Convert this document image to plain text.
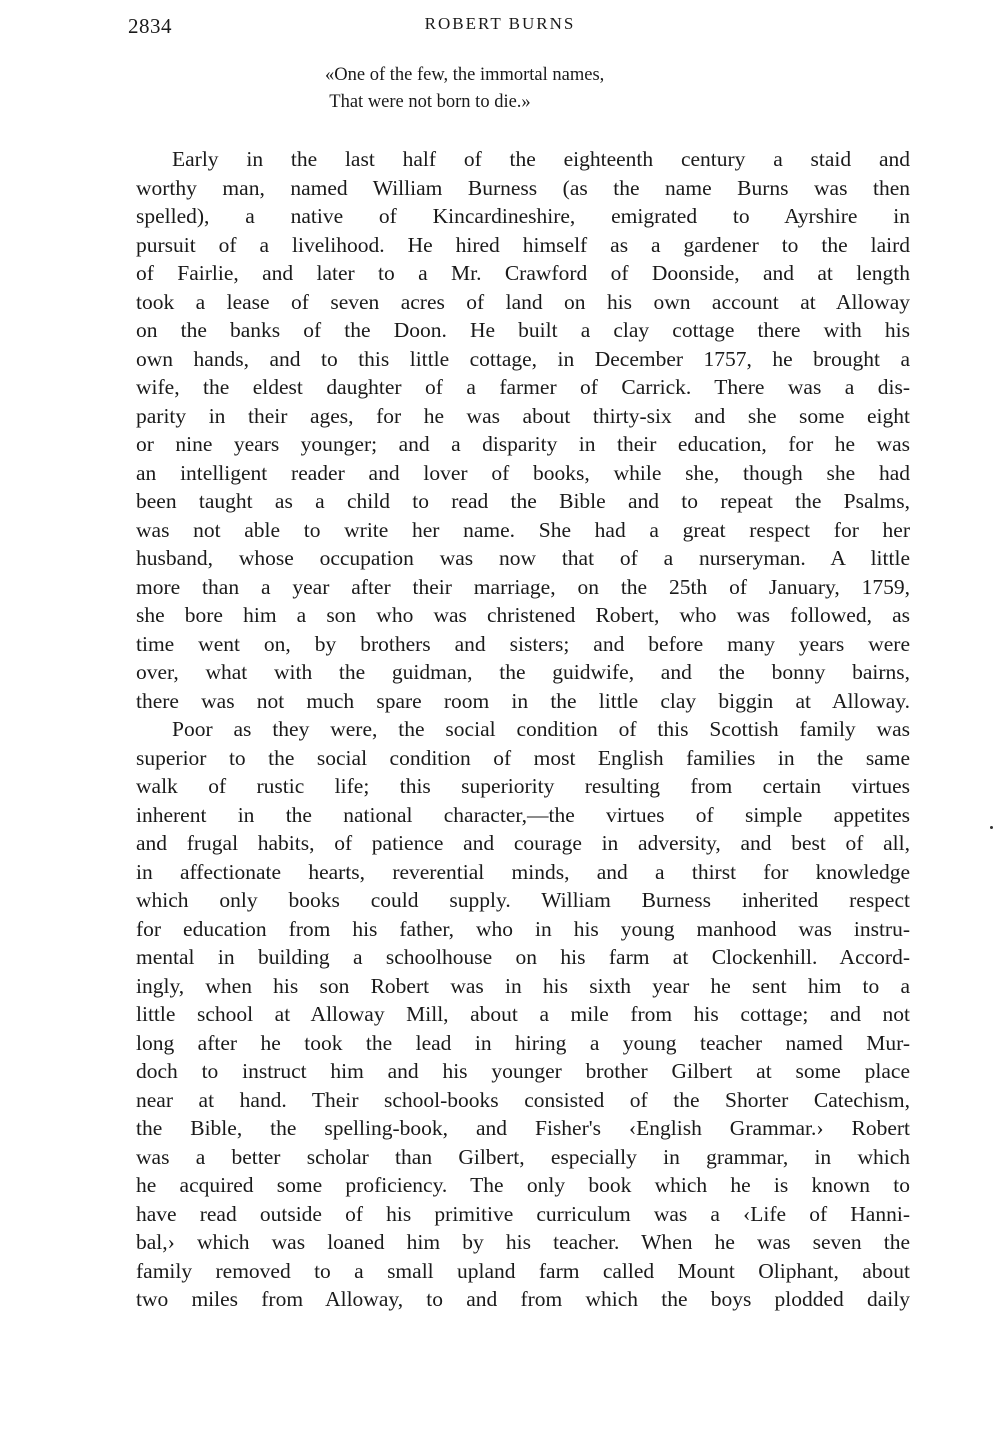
2834	ROBERT BURNS
«One of the few, the immortal names,
That were not born to die.»
Early in the last half of the eighteenth century a staid and
worthy man, named William Burness (as the name Burns was then
spelled), a native of Kincardineshire, emigrated to Ayrshire in
pursuit of a livelihood. He hired himself as a gardener to the laird
of Fairlie, and later to a Mr. Crawford of Doonside, and at length
took a lease of seven acres of land on his own account at Alloway
on the banks of the Doon. He built a clay cottage there with his
own hands, and to this little cottage, in December 1757, he brought a
wife, the eldest daughter of a farmer of Carrick. There was a dis-
parity in their ages, for he was about thirty-six and she some eight
or nine years younger; and a disparity in their education, for he was
an intelligent reader and lover of books, while she, though she had
been taught as a child to read the Bible and to repeat the Psalms,
was not able to write her name. She had a great respect for her
husband, whose occupation was now that of a nurseryman. A little
more than a year after their marriage, on the 25th of January, 1759,
she bore him a son who was christened Robert, who was followed, as
time went on, by brothers and sisters; and before many years were
over, what with the guidman, the guidwife, and the bonny bairns,
there was not much spare room in the little clay biggin at Alloway.
Poor as they were, the social condition of this Scottish family was
superior to the social condition of most English families in the same
walk of rustic life; this superiority resulting from certain virtues
inherent in the national character,—the virtues of simple appetites
and frugal habits, of patience and courage in adversity, and best of all,
in affectionate hearts, reverential minds, and a thirst for knowledge
which only books could supply. William Burness inherited respect
for education from his father, who in his young manhood was instru-
mental in building a schoolhouse on his farm at Clockenhill. Accord-
ingly, when his son Robert was in his sixth year he sent him to a
little school at Alloway Mill, about a mile from his cottage; and not
long after he took the lead in hiring a young teacher named Mur-
doch to instruct him and his younger brother Gilbert at some place
near at hand. Their school-books consisted of the Shorter Catechism,
the Bible, the spelling-book, and Fisher's ‹English Grammar.› Robert
was a better scholar than Gilbert, especially in grammar, in which
he acquired some proficiency. The only book which he is known to
have read outside of his primitive curriculum was a ‹Life of Hanni-
bal,› which was loaned him by his teacher. When he was seven the
family removed to a small upland farm called Mount Oliphant, about
two miles from Alloway, to and from which the boys plodded daily
